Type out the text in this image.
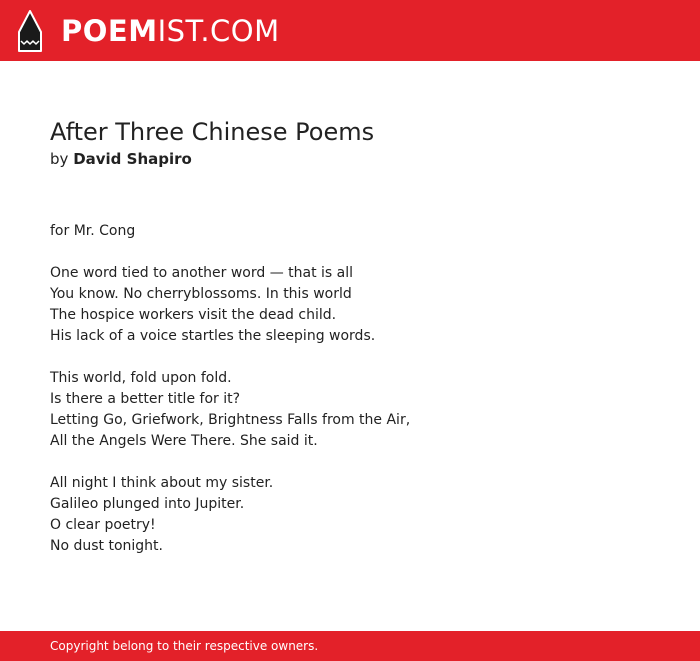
POEMIST.COM
After Three Chinese Poems
by David Shapiro
for Mr. Cong
One word tied to another word — that is all
You know. No cherryblossoms. In this world
The hospice workers visit the dead child.
His lack of a voice startles the sleeping words.
This world, fold upon fold.
Is there a better title for it?
Letting Go, Griefwork, Brightness Falls from the Air,
All the Angels Were There. She said it.
All night I think about my sister.
Galileo plunged into Jupiter.
O clear poetry!
No dust tonight.
Copyright belong to their respective owners.
